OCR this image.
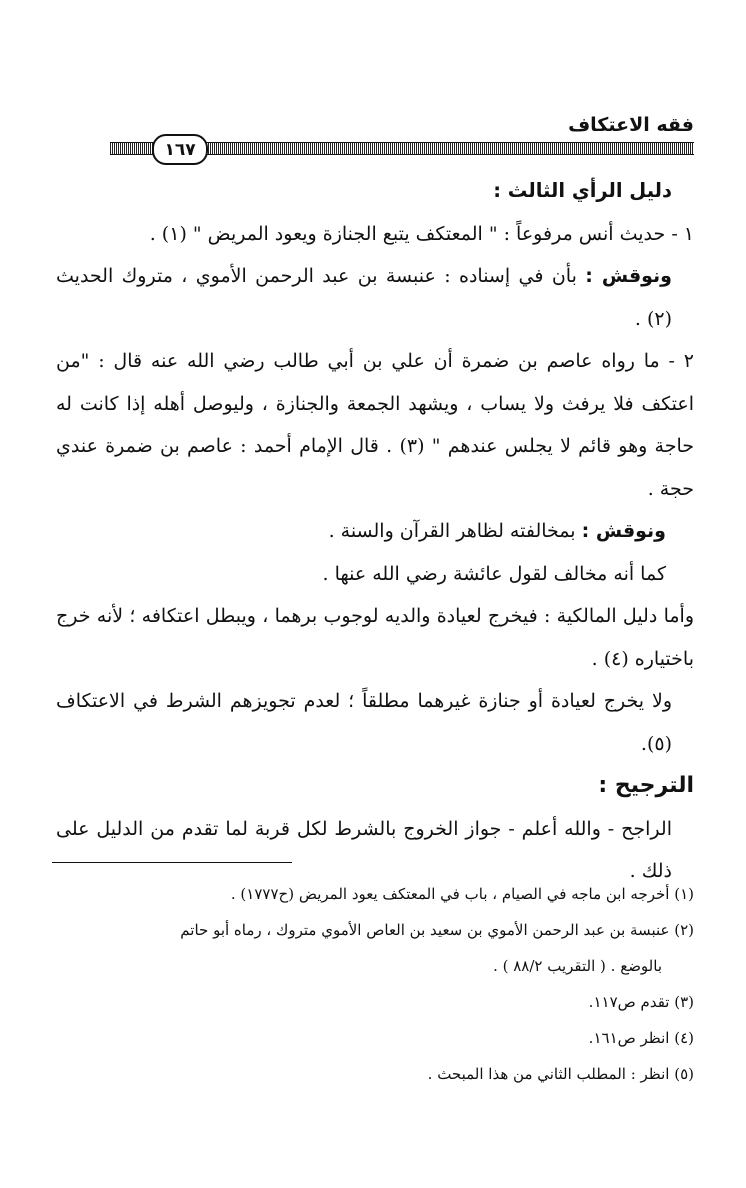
فقه الاعتكاف
١٦٧

دليل الرأي الثالث :

١ - حديث أنس مرفوعاً : " المعتكف يتبع الجنازة ويعود المريض " (١) .

ونوقش : بأن في إسناده : عنبسة بن عبد الرحمن الأموي ، متروك الحديث (٢) .

٢ - ما رواه عاصم بن ضمرة أن علي بن أبي طالب رضي الله عنه قال : "من اعتكف فلا يرفث ولا يساب ، ويشهد الجمعة والجنازة ، وليوصل أهله إذا كانت له حاجة وهو قائم لا يجلس عندهم " (٣) . قال الإمام أحمد : عاصم بن ضمرة عندي حجة .

ونوقش : بمخالفته لظاهر القرآن والسنة .

كما أنه مخالف لقول عائشة رضي الله عنها .

وأما دليل المالكية : فيخرج لعيادة والديه لوجوب برهما ، ويبطل اعتكافه ؛ لأنه خرج باختياره (٤) .

ولا يخرج لعيادة أو جنازة غيرهما مطلقاً ؛ لعدم تجويزهم الشرط في الاعتكاف (٥).

الترجيح :

الراجح - والله أعلم - جواز الخروج بالشرط لكل قربة لما تقدم من الدليل على ذلك .

(١) أخرجه ابن ماجه في الصيام ، باب في المعتكف يعود المريض (ح١٧٧٧) .

(٢) عنبسة بن عبد الرحمن الأموي بن سعيد بن العاص الأموي متروك ، رماه أبو حاتم

بالوضع . ( التقريب ٨٨/٢ ) .

(٣) تقدم ص١١٧.

(٤) انظر ص١٦١.

(٥) انظر : المطلب الثاني من هذا المبحث .
